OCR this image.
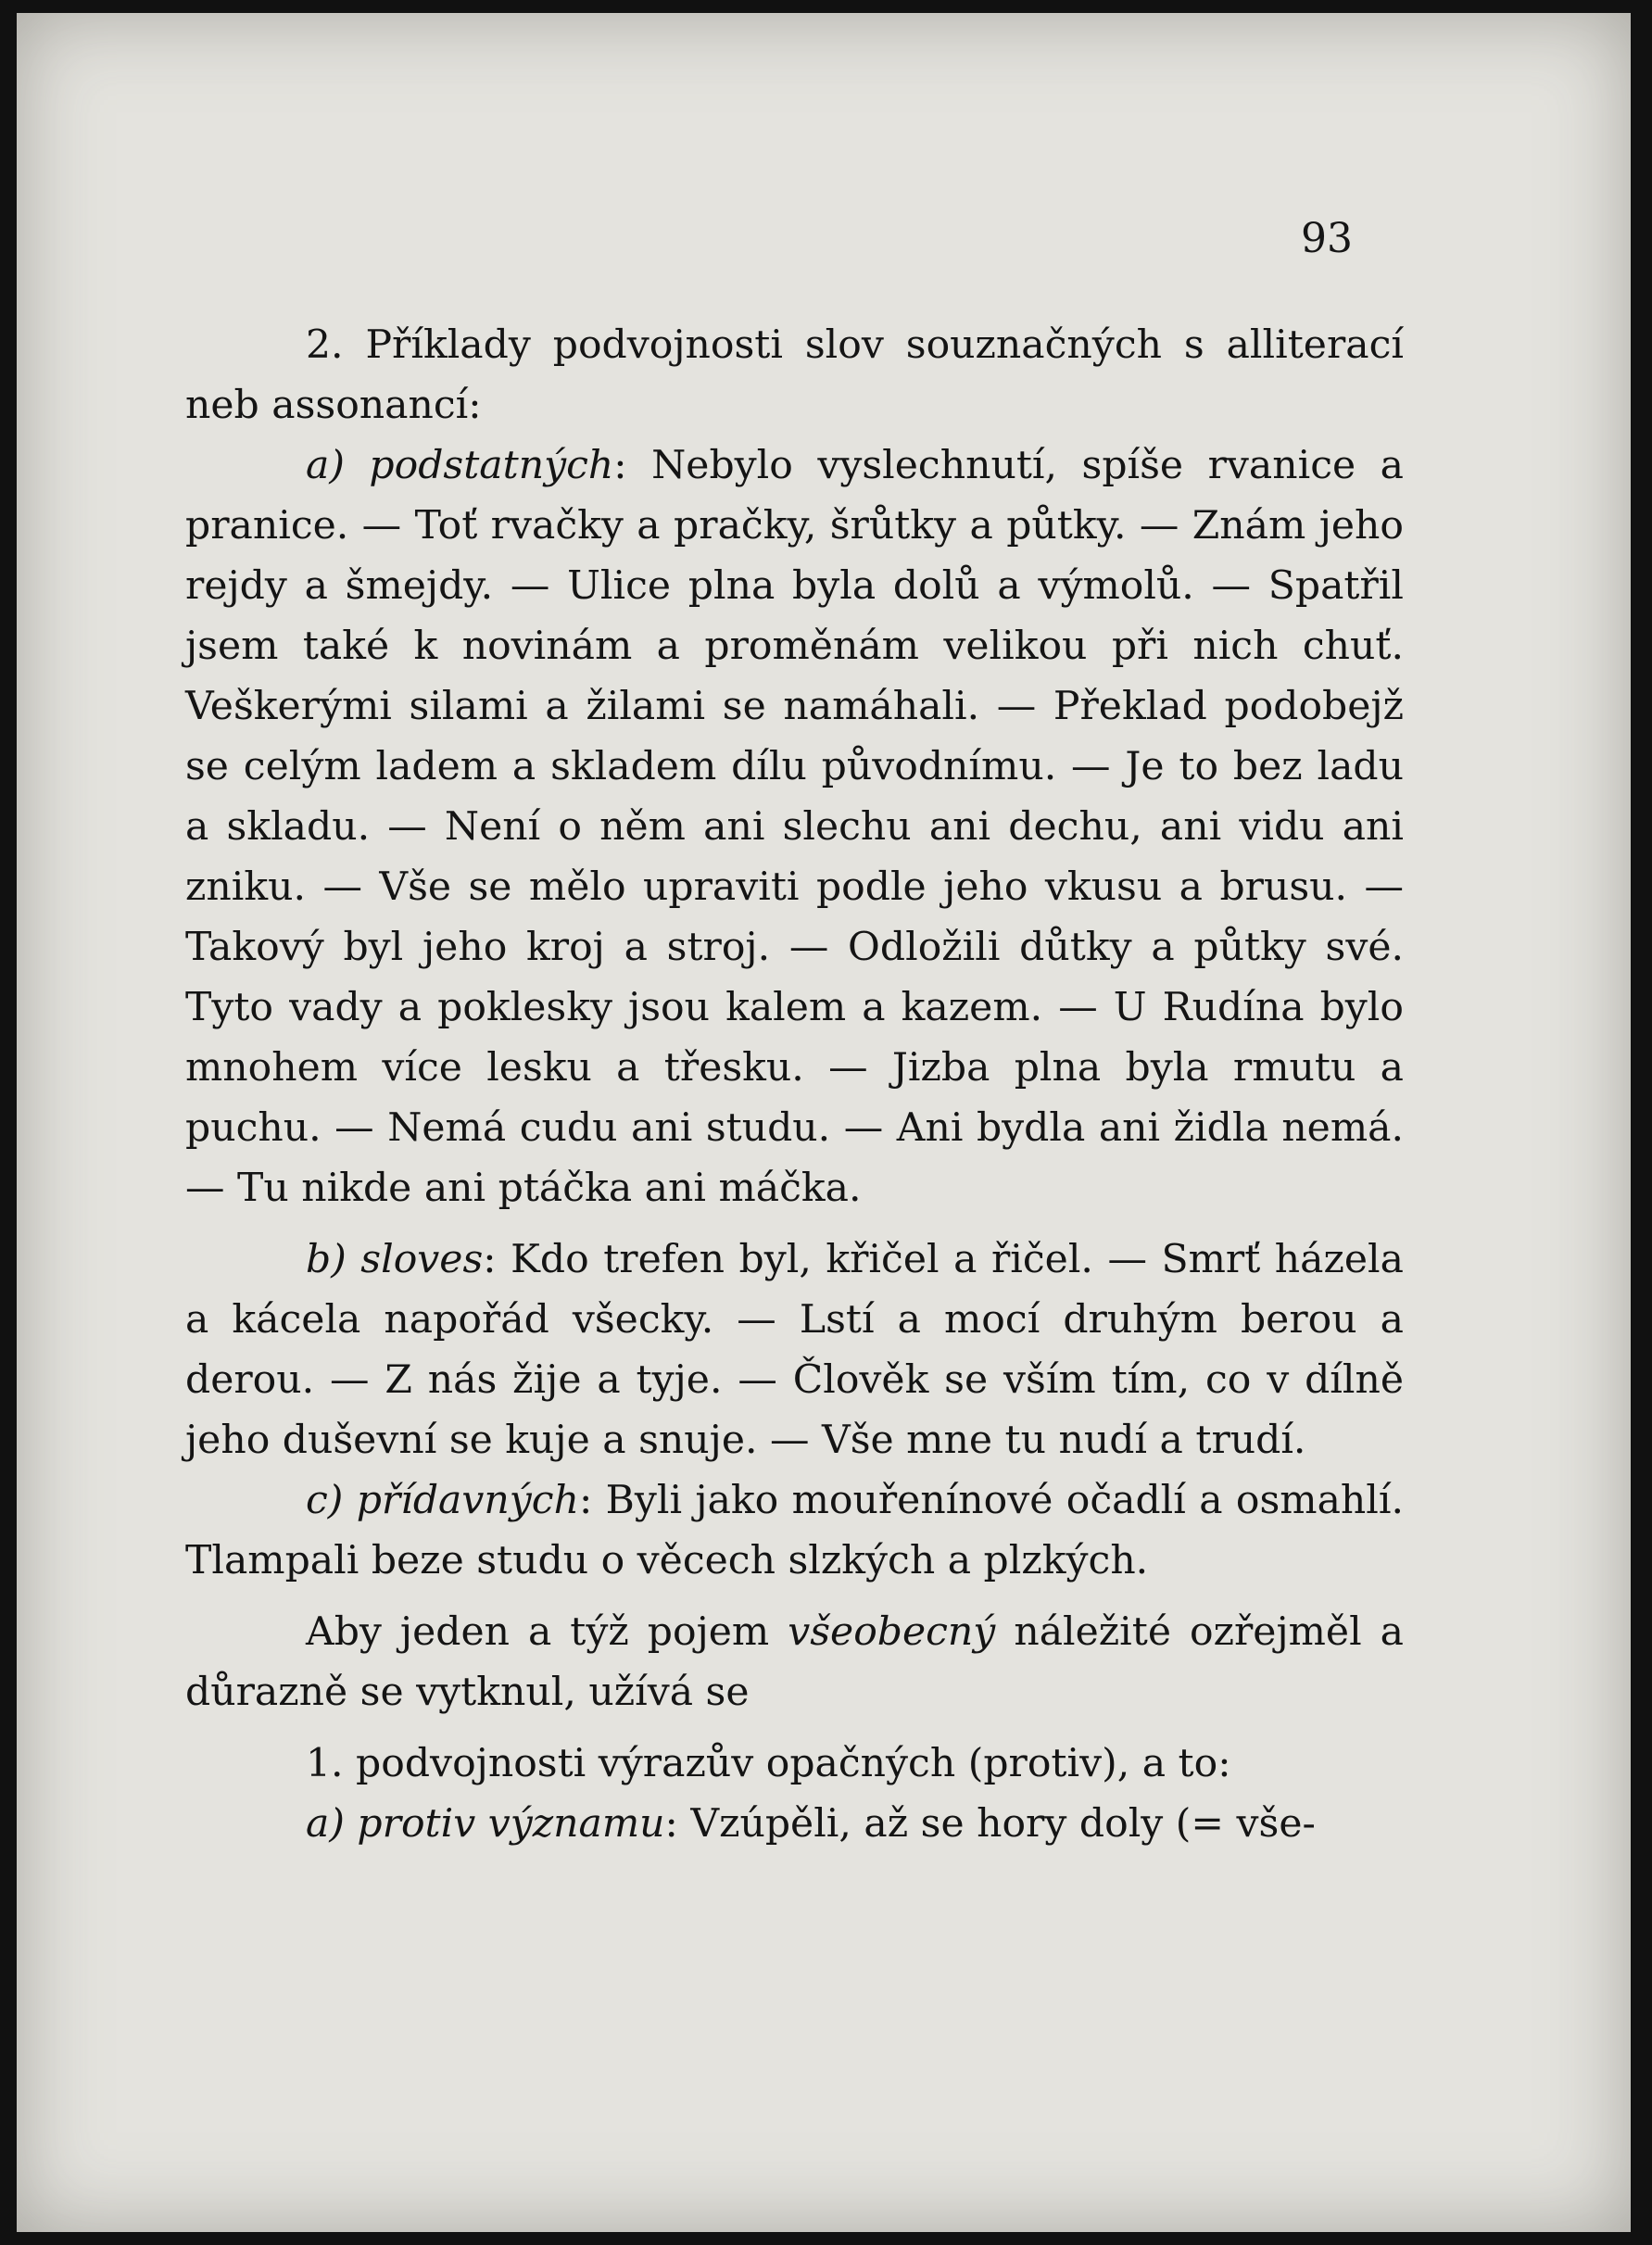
93

2. Příklady podvojnosti slov souznačných s alliterací neb assonancí:

a) podstatných: Nebylo vyslechnutí, spíše rvanice a pranice. — Toť rvačky a pračky, šrůtky a půtky. — Znám jeho rejdy a šmejdy. — Ulice plna byla dolů a výmolů. — Spatřil jsem také k novinám a proměnám velikou při nich chuť. Veškerými silami a žilami se namáhali. — Překlad podobejž se celým ladem a skladem dílu původnímu. — Je to bez ladu a skladu. — Není o něm ani slechu ani dechu, ani vidu ani zniku. — Vše se mělo upraviti podle jeho vkusu a brusu. — Takový byl jeho kroj a stroj. — Odložili důtky a půtky své. Tyto vady a poklesky jsou kalem a kazem. — U Rudína bylo mnohem více lesku a třesku. — Jizba plna byla rmutu a puchu. — Nemá cudu ani studu. — Ani bydla ani židla nemá. — Tu nikde ani ptáčka ani máčka.

b) sloves: Kdo trefen byl, křičel a řičel. — Smrť házela a kácela napořád všecky. — Lstí a mocí druhým berou a derou. — Z nás žije a tyje. — Člověk se vším tím, co v dílně jeho duševní se kuje a snuje. — Vše mne tu nudí a trudí.

c) přídavných: Byli jako mouřenínové očadlí a osmahlí. Tlampali beze studu o věcech slzkých a plzkých.

Aby jeden a týž pojem všeobecný náležité ozřejměl a důrazně se vytknul, užívá se

1. podvojnosti výrazův opačných (protiv), a to:

a) protiv významu: Vzúpěli, až se hory doly (= vše-
